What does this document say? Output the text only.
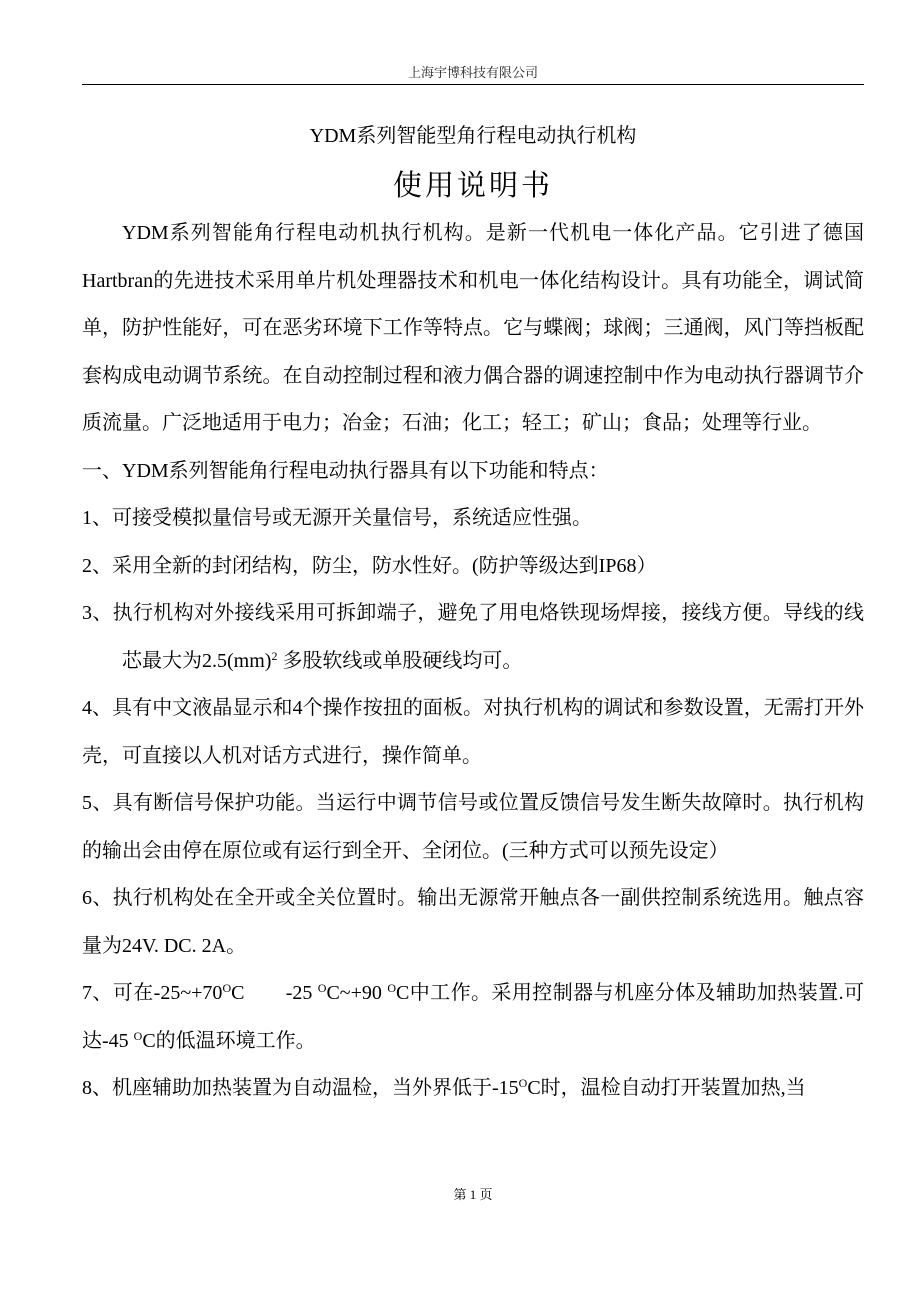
上海宇博科技有限公司
YDM系列智能型角行程电动执行机构
使用说明书

YDM系列智能角行程电动机执行机构。是新一代机电一体化产品。它引进了德国Hartbran的先进技术采用单片机处理器技术和机电一体化结构设计。具有功能全，调试简单，防护性能好，可在恶劣环境下工作等特点。它与蝶阀；球阀；三通阀，风门等挡板配套构成电动调节系统。在自动控制过程和液力偶合器的调速控制中作为电动执行器调节介质流量。广泛地适用于电力；冶金；石油；化工；轻工；矿山；食品；处理等行业。

一、YDM系列智能角行程电动执行器具有以下功能和特点：

1、可接受模拟量信号或无源开关量信号，系统适应性强。

2、采用全新的封闭结构，防尘，防水性好。(防护等级达到IP68）

3、执行机构对外接线采用可拆卸端子，避免了用电烙铁现场焊接，接线方便。导线的线芯最大为2.5(mm)$^2$ 多股软线或单股硬线均可。

4、具有中文液晶显示和4个操作按扭的面板。对执行机构的调试和参数设置，无需打开外壳，可直接以人机对话方式进行，操作简单。

5、具有断信号保护功能。当运行中调节信号或位置反馈信号发生断失故障时。执行机构的输出会由停在原位或有运行到全开、全闭位。(三种方式可以预先设定）

6、执行机构处在全开或全关位置时。输出无源常开触点各一副供控制系统选用。触点容量为24V. DC. 2A。

7、可在$-25\sim+70^OC$　　-25 $^O$C~+90 $^O$C中工作。采用控制器与机座分体及辅助加热装置.可达-45 $^O$C的低温环境工作。

8、机座辅助加热装置为自动温检，当外界低于$-15^OC$时，温检自动打开装置加热,当

第 1 页
